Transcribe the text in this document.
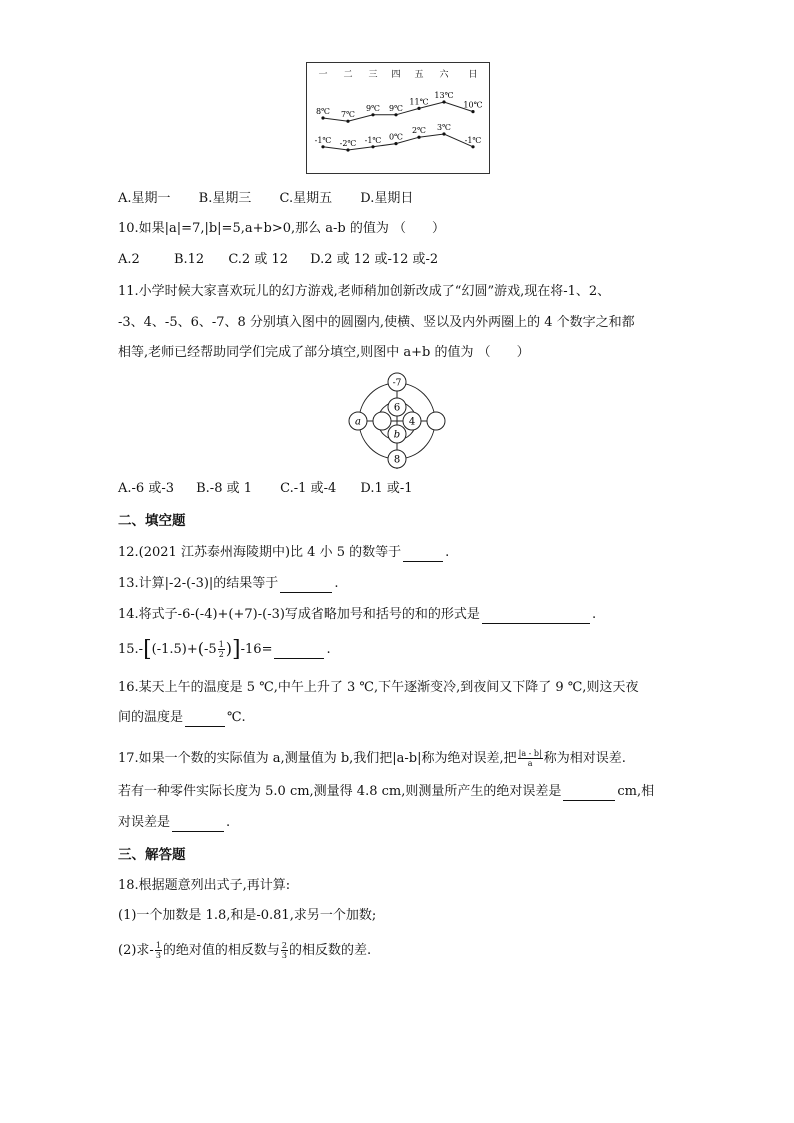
一 二 三 四 五 六 日
8℃ 7℃
9℃ 9℃
11℃
13℃
10℃
-1℃ -2℃ -1℃ 0℃
2℃ 3℃
-1℃
A.星期一 B.星期三 C.星期五 D.星期日
10.如果|a|=7,|b|=5,a+b>0,那么 a-b 的值为 （　　）
A.2	B.12 C.2 或 12 D.2 或 12 或-12 或-2
11.小学时候大家喜欢玩儿的幻方游戏,老师稍加创新改成了“幻圆”游戏,现在将-1、2、
-3、4、-5、6、-7、8 分别填入图中的圆圈内,使横、竖以及内外两圈上的 4 个数字之和都
相等,老师已经帮助同学们完成了部分填空,则图中 a+b 的值为 （　　）
-7
6
a	4
b
8
A.-6 或-3 B.-8 或 1 C.-1 或-4 D.1 或-1
二、填空题
12.(2021 江苏泰州海陵期中)比 4 小 5 的数等于	.
13.计算|-2-(-3)|的结果等于	.
14.将式子-6-(-4)+(+7)-(-3)写成省略加号和括号的和的形式是	.
$15.-[(-1.5)+(-5 \frac{1}{2} )]-16=$	.
16.某天上午的温度是 5 ℃,中午上升了 3 ℃,下午逐渐变冷,到夜间又下降了 9 ℃,则这天夜
间的温度是	℃.
17.如果一个数的实际值为 a,测量值为 b,我们把|a-b|称为绝对误差,把 $\frac{|a - b|}{a}$ 称为相对误差.
若有一种零件实际长度为 5.0 cm,测量得 4.8 cm,则测量所产生的绝对误差是	cm,相
对误差是	.
三、解答题
18.根据题意列出式子,再计算:
(1)一个加数是 1.8,和是-0.81,求另一个加数;
(2)求- $\frac{1}{3}$ 的绝对值的相反数与 $\frac{2}{3}$ 的相反数的差.
